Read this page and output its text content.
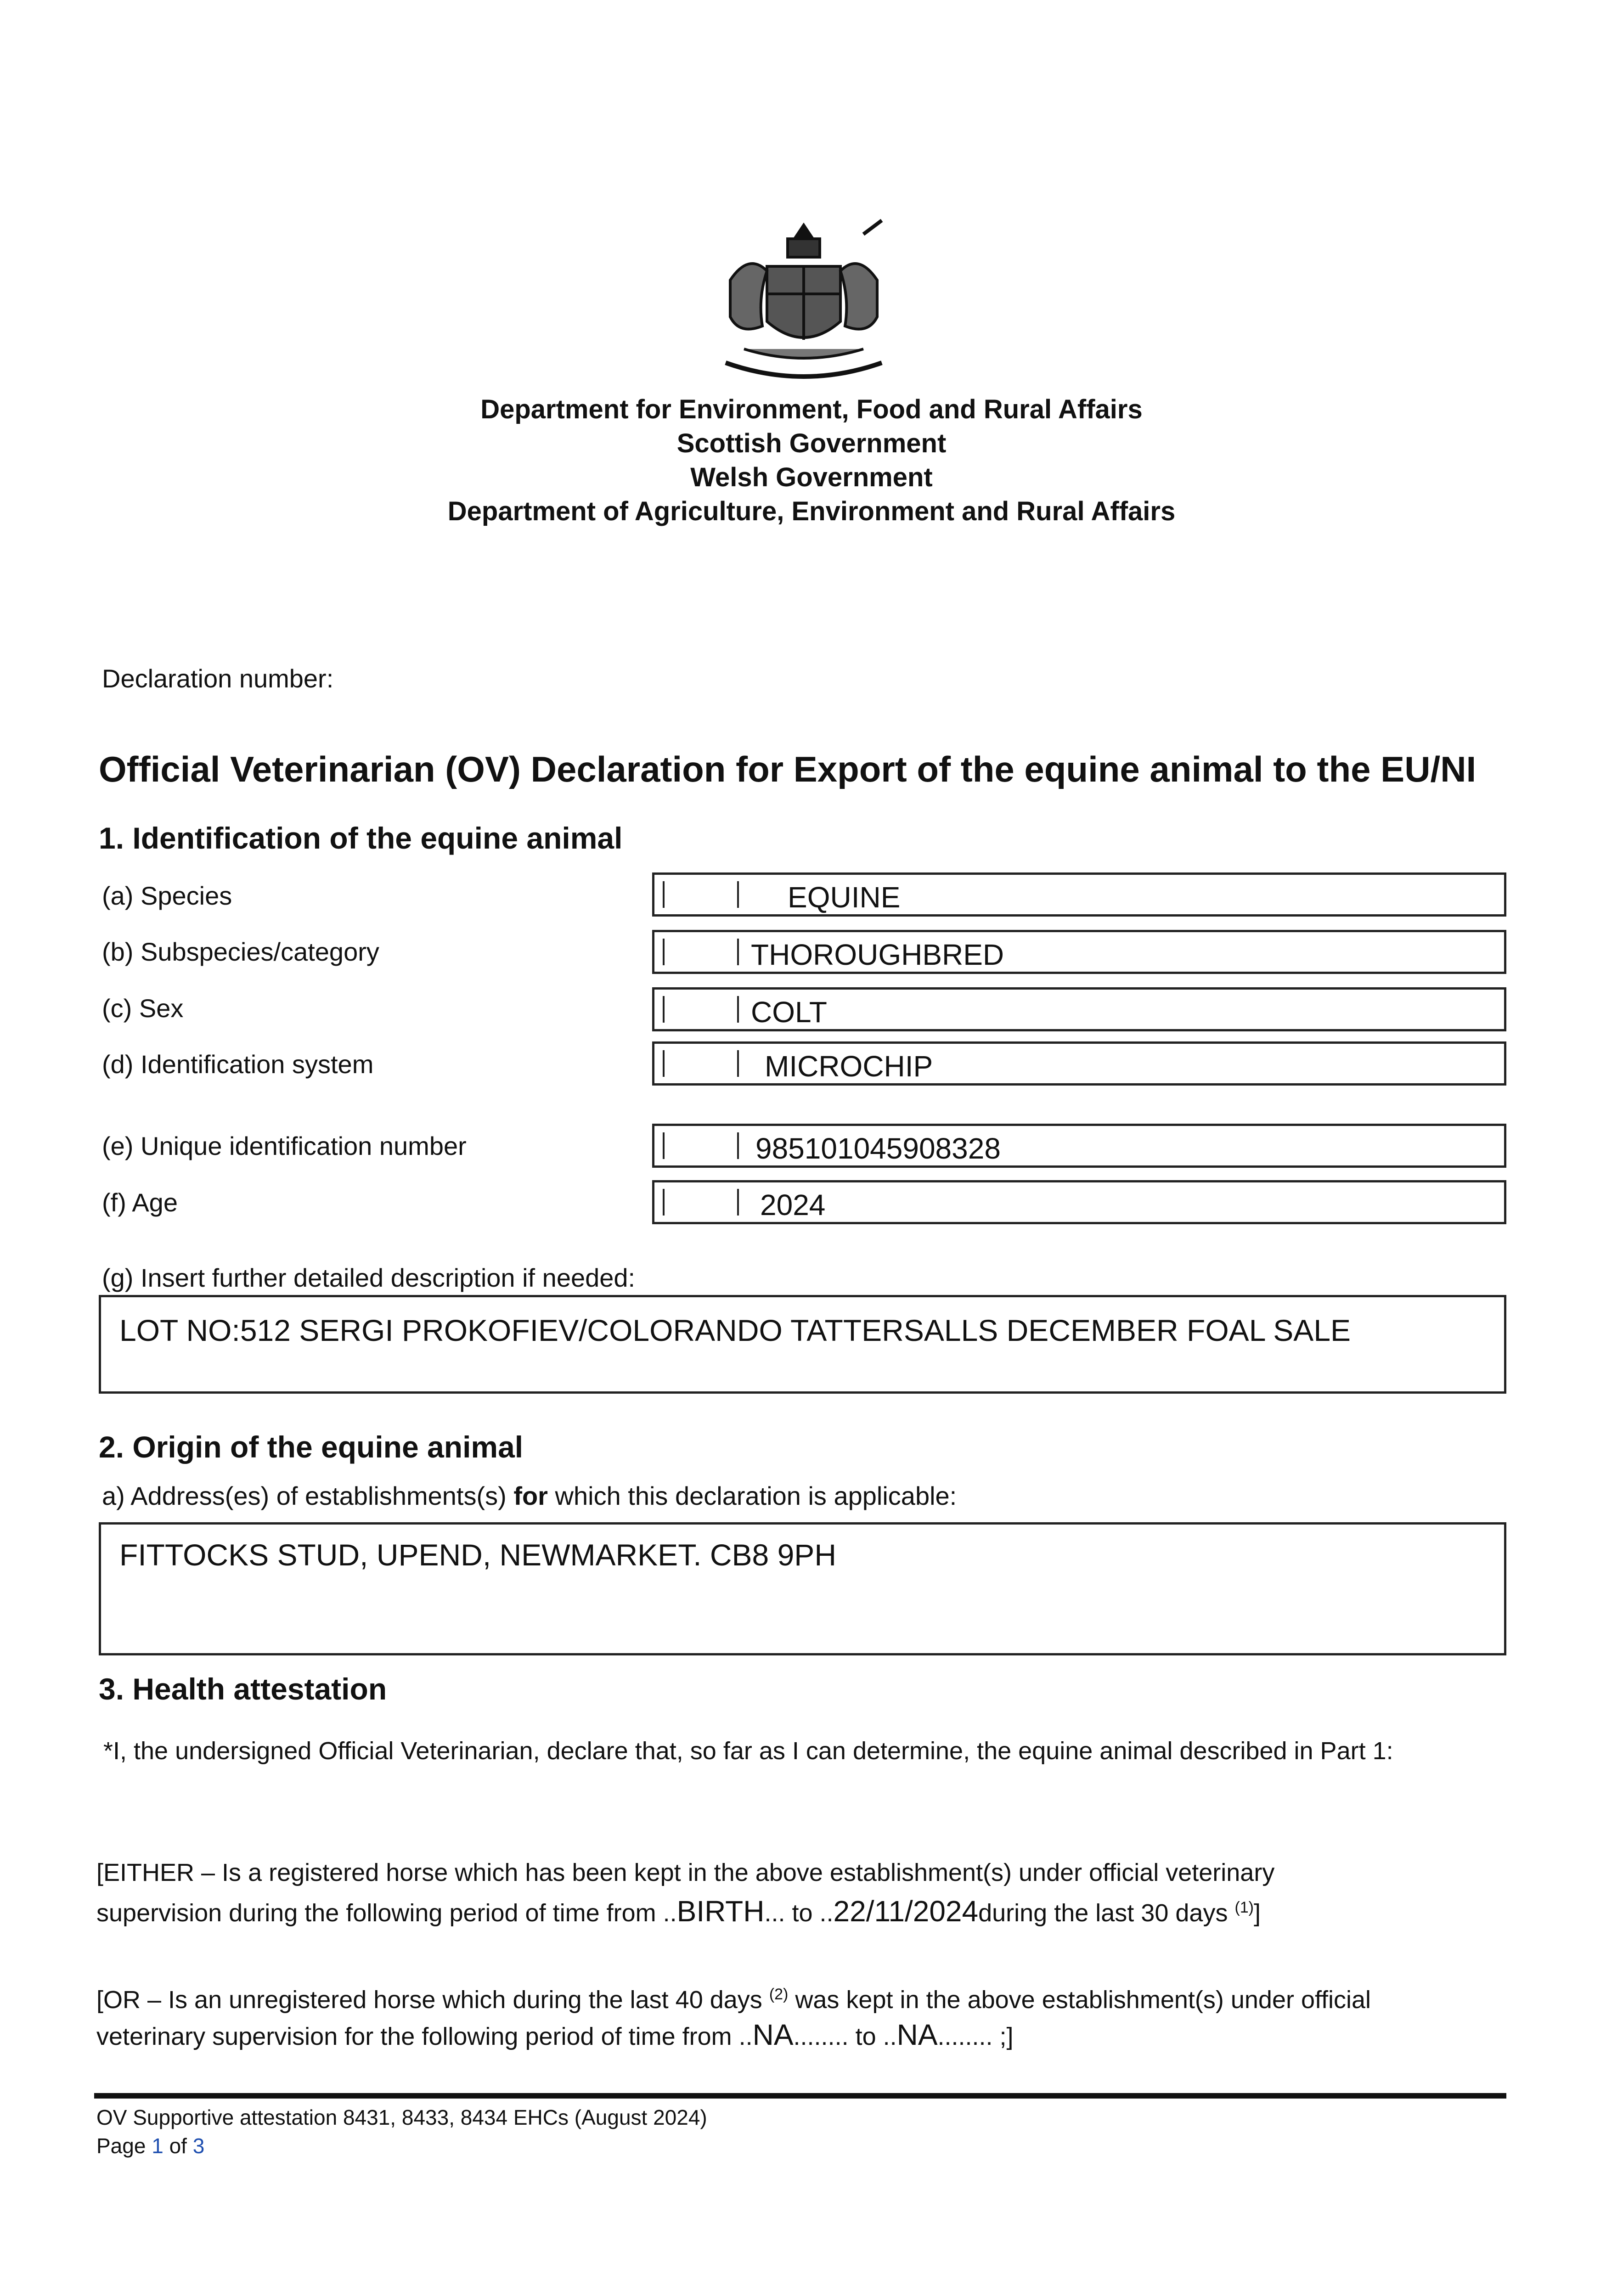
Department for Environment, Food and Rural Affairs
Scottish Government
Welsh Government
Department of Agriculture, Environment and Rural Affairs
Declaration number:
Official Veterinarian (OV) Declaration for Export of the equine animal to the EU/NI
1. Identification of the equine animal
(a) Species	EQUINE
(b) Subspecies/category	THOROUGHBRED
(c) Sex	COLT
(d) Identification system	MICROCHIP
(e) Unique identification number	985101045908328
(f) Age	2024
(g) Insert further detailed description if needed:
LOT NO:512 SERGI PROKOFIEV/COLORANDO TATTERSALLS DECEMBER FOAL SALE
2. Origin of the equine animal
a) Address(es) of establishments(s) for which this declaration is applicable:
FITTOCKS STUD, UPEND, NEWMARKET. CB8 9PH
3. Health attestation
*I, the undersigned Official Veterinarian, declare that, so far as I can determine, the equine animal described in Part 1:
[EITHER – Is a registered horse which has been kept in the above establishment(s) under official veterinary
supervision during the following period of time from ..BIRTH... to ..22/11/2024during the last 30 days $^{(1)}$]
[OR – Is an unregistered horse which during the last 40 days $^{(2)}$ was kept in the above establishment(s) under official
veterinary supervision for the following period of time from ..NA........ to ..NA........ ;]
OV Supportive attestation 8431, 8433, 8434 EHCs (August 2024)
Page 1 of 3
